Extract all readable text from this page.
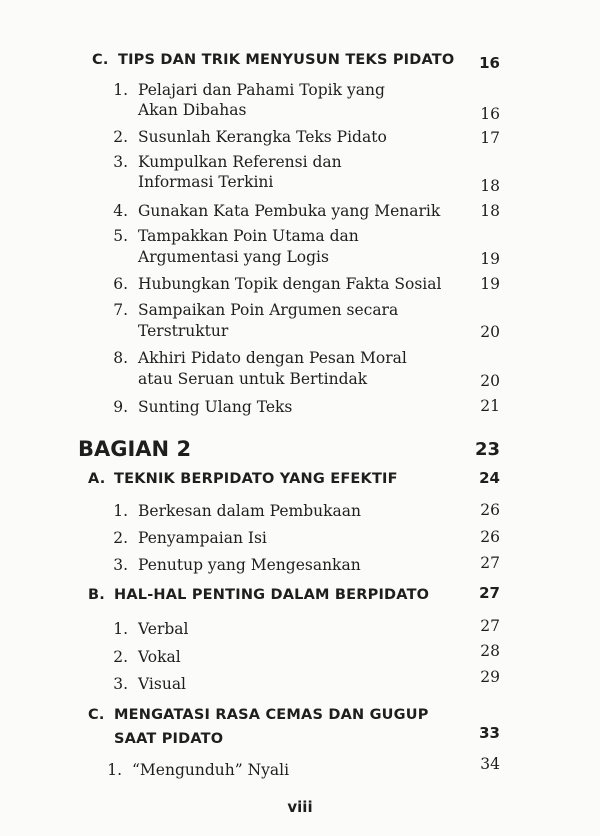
C. TIPS DAN TRIK MENYUSUN TEKS PIDATO 16
1. Pelajari dan Pahami Topik yang
Akan Dibahas	16
2. Susunlah Kerangka Teks Pidato	17
3. Kumpulkan Referensi dan
Informasi Terkini	18
4. Gunakan Kata Pembuka yang Menarik	18
5. Tampakkan Poin Utama dan
Argumentasi yang Logis	19
6. Hubungkan Topik dengan Fakta Sosial	19
7. Sampaikan Poin Argumen secara
Terstruktur	20
8. Akhiri Pidato dengan Pesan Moral
atau Seruan untuk Bertindak	20
9. Sunting Ulang Teks	21
BAGIAN 2	23
A. TEKNIK BERPIDATO YANG EFEKTIF	24
1. Berkesan dalam Pembukaan	26
2. Penyampaian Isi	26
3. Penutup yang Mengesankan	27
B. HAL-HAL PENTING DALAM BERPIDATO	27
1. Verbal	27
2. Vokal	28
3. Visual	29
C. MENGATASI RASA CEMAS DAN GUGUP
SAAT PIDATO	33
1. “Mengunduh” Nyali	34
viii
